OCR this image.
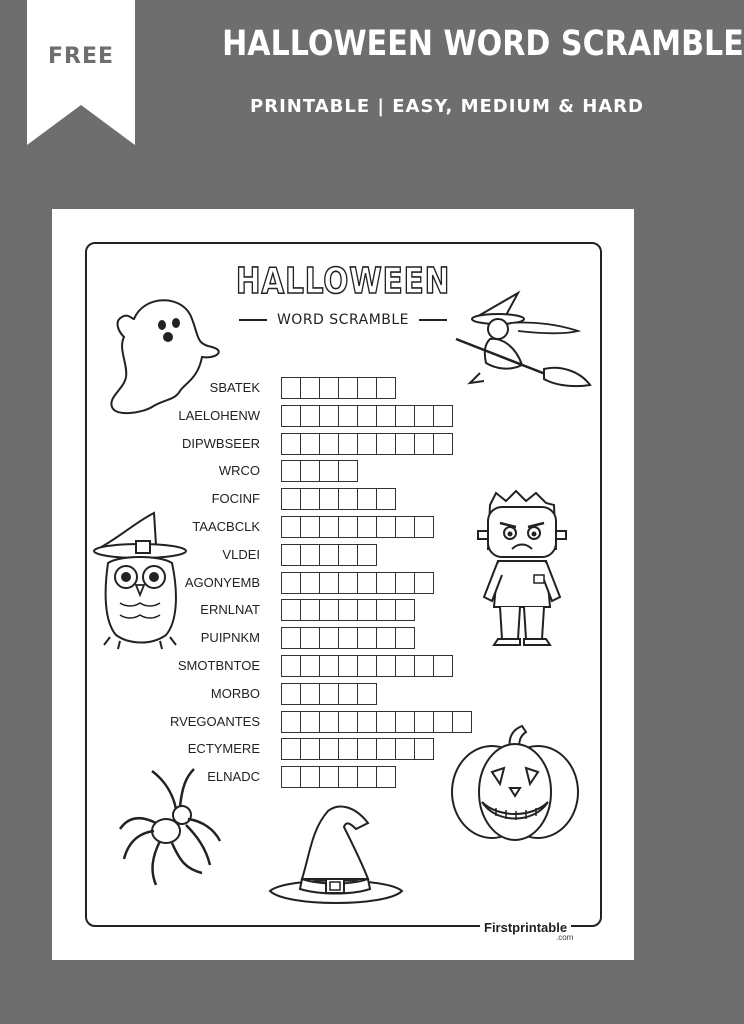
FREE	HALLOWEEN WORD SCRAMBLE
PRINTABLE | EASY, MEDIUM & HARD
HALLOWEEN
WORD SCRAMBLE
SBATEK
LAELOHENW
DIPWBSEER
WRCO
FOCINF
TAACBCLK
VLDEI
AGONYEMB
ERNLNAT
PUIPNKM
SMOTBNTOE
MORBO
RVEGOANTES
ECTYMERE
ELNADC
Firstprintable
.com
